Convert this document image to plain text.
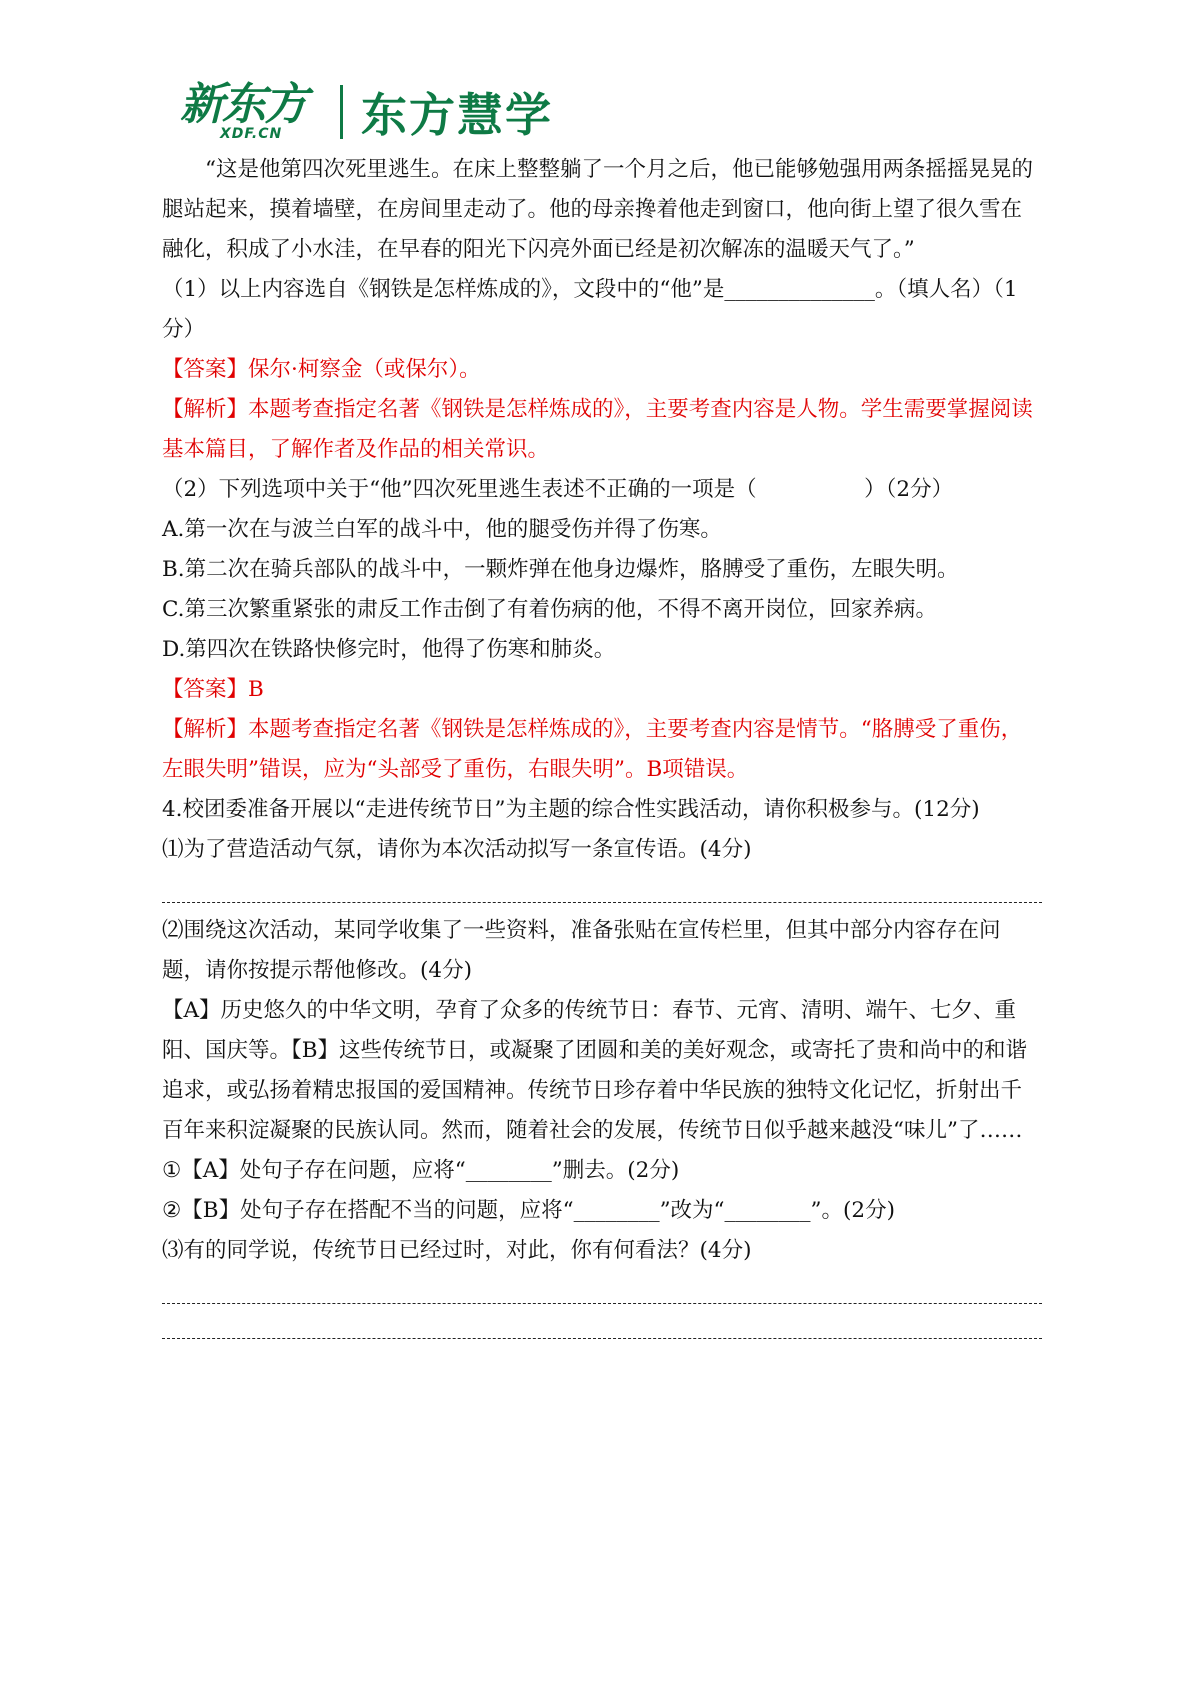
新东方
XDF.CN 东方慧学

“这是他第四次死里逃生。在床上整整躺了一个月之后，他已能够勉强用两条摇摇晃晃的腿站起来，摸着墙壁，在房间里走动了。他的母亲搀着他走到窗口，他向街上望了很久雪在融化，积成了小水洼，在早春的阳光下闪亮外面已经是初次解冻的温暖天气了。”

（1）以上内容选自《钢铁是怎样炼成的》，文段中的“他”是______________。（填人名）（1分）

【答案】保尔·柯察金（或保尔）。

【解析】本题考查指定名著《钢铁是怎样炼成的》，主要考查内容是人物。学生需要掌握阅读基本篇目，了解作者及作品的相关常识。

（2）下列选项中关于“他”四次死里逃生表述不正确的一项是（　　　　　）（2分）

A.第一次在与波兰白军的战斗中，他的腿受伤并得了伤寒。

B.第二次在骑兵部队的战斗中，一颗炸弹在他身边爆炸，胳膊受了重伤，左眼失明。

C.第三次繁重紧张的肃反工作击倒了有着伤病的他，不得不离开岗位，回家养病。

D.第四次在铁路快修完时，他得了伤寒和肺炎。

【答案】B

【解析】本题考查指定名著《钢铁是怎样炼成的》，主要考查内容是情节。“胳膊受了重伤，左眼失明”错误，应为“头部受了重伤，右眼失明”。B项错误。

4.校团委准备开展以“走进传统节日”为主题的综合性实践活动，请你积极参与。(12分)

⑴为了营造活动气氛，请你为本次活动拟写一条宣传语。(4分)

⑵围绕这次活动，某同学收集了一些资料，准备张贴在宣传栏里，但其中部分内容存在问

题，请你按提示帮他修改。(4分)

【A】历史悠久的中华文明，孕育了众多的传统节日：春节、元宵、清明、端午、七夕、重阳、国庆等。【B】这些传统节日，或凝聚了团圆和美的美好观念，或寄托了贵和尚中的和谐追求，或弘扬着精忠报国的爱国精神。传统节日珍存着中华民族的独特文化记忆，折射出千百年来积淀凝聚的民族认同。然而，随着社会的发展，传统节日似乎越来越没“味儿”了……

①【A】处句子存在问题，应将“________”删去。(2分)

②【B】处句子存在搭配不当的问题，应将“________”改为“________”。(2分)

⑶有的同学说，传统节日已经过时，对此，你有何看法？(4分)
